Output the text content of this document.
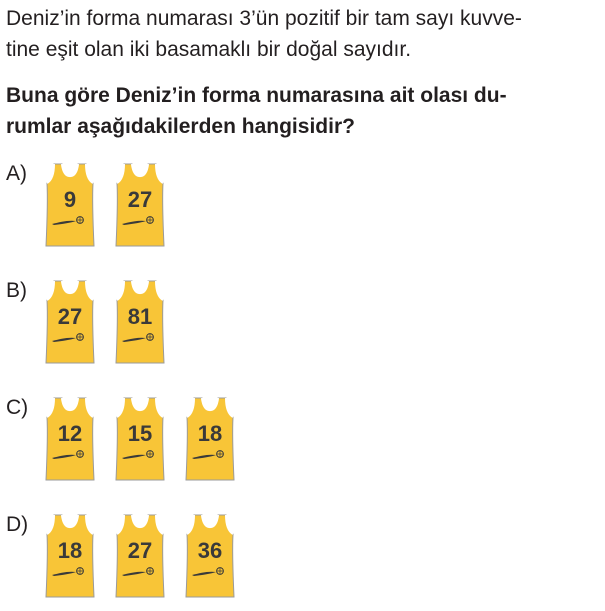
Deniz’in forma numarası 3’ün pozitif bir tam sayı kuvve-
tine eşit olan iki basamaklı bir doğal sayıdır.
Buna göre Deniz’in forma numarasına ait olası du-
rumlar aşağıdakilerden hangisidir?
A)
9	27
B)
27	81
C)
12	15	18
D)
18	27	36
